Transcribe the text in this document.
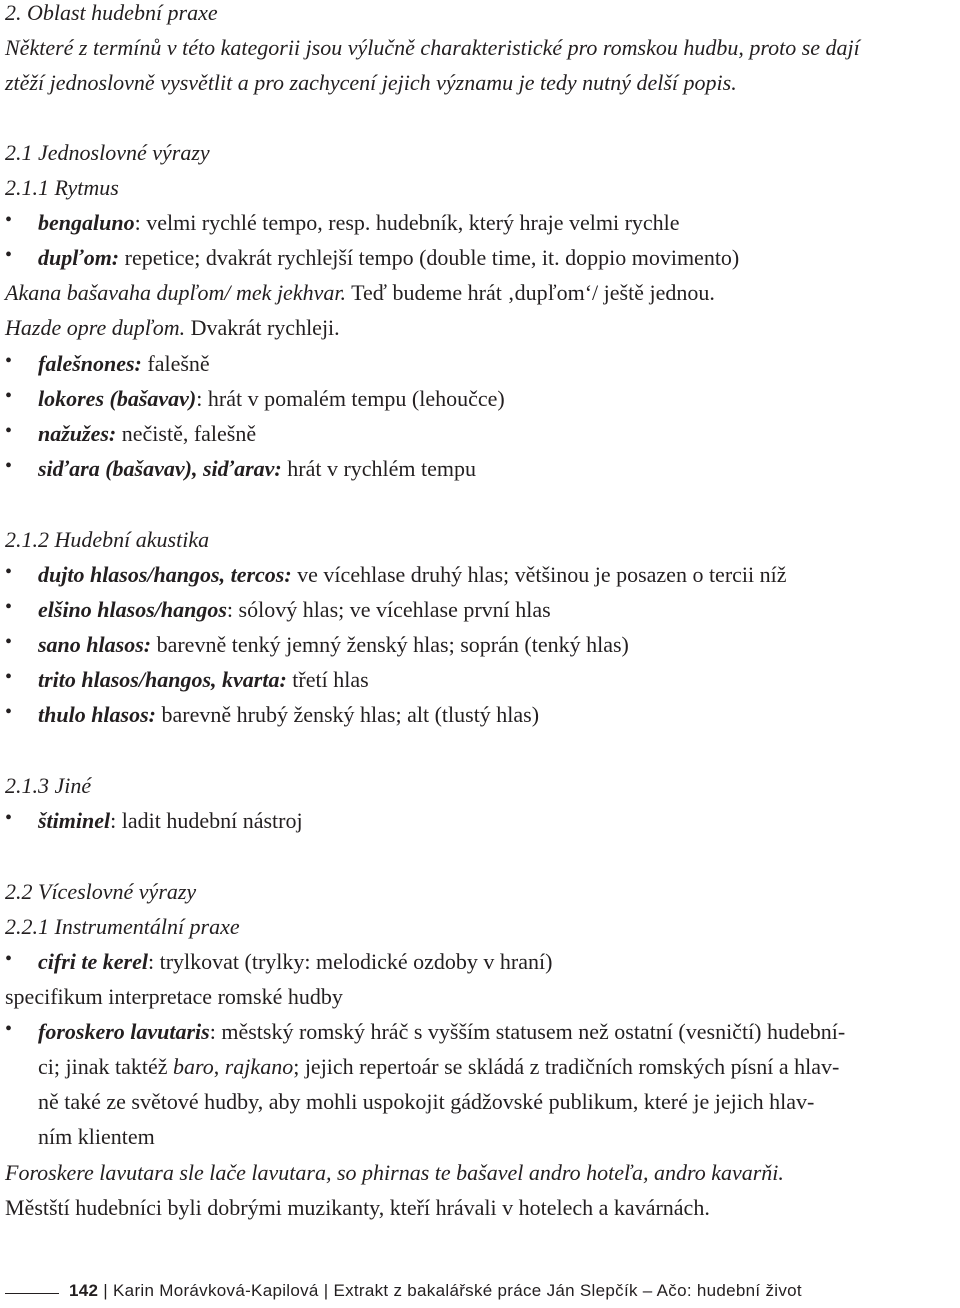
2. Oblast hudební praxe
Některé z termínů v této kategorii jsou výlučně charakteristické pro romskou hudbu, proto se dají
ztěží jednoslovně vysvětlit a pro zachycení jejich významu je tedy nutný delší popis.
2.1 Jednoslovné výrazy
2.1.1 Rytmus
• bengaluno: velmi rychlé tempo, resp. hudebník, který hraje velmi rychle
• dupľom: repetice; dvakrát rychlejší tempo (double time, it. doppio movimento)
Akana bašavaha dupľom/ mek jekhvar. Teď budeme hrát ‚dupľom‘/ ještě jednou.
Hazde opre dupľom. Dvakrát rychleji.
• falešnones: falešně
• lokores (bašavav): hrát v pomalém tempu (lehoučce)
• nažužes: nečistě, falešně
• siďara (bašavav), siďarav: hrát v rychlém tempu
2.1.2 Hudební akustika
• dujto hlasos/hangos, tercos: ve vícehlase druhý hlas; většinou je posazen o tercii níž
• elšino hlasos/hangos: sólový hlas; ve vícehlase první hlas
• sano hlasos: barevně tenký jemný ženský hlas; soprán (tenký hlas)
• trito hlasos/hangos, kvarta: třetí hlas
• thulo hlasos: barevně hrubý ženský hlas; alt (tlustý hlas)
2.1.3 Jiné
• štiminel: ladit hudební nástroj
2.2 Víceslovné výrazy
2.2.1 Instrumentální praxe
• cifri te kerel: trylkovat (trylky: melodické ozdoby v hraní)
specifikum interpretace romské hudby
• foroskero lavutaris: městský romský hráč s vyšším statusem než ostatní (vesničtí) hudební-
ci; jinak taktéž baro, rajkano; jejich repertoár se skládá z tradičních romských písní a hlav-
ně také ze světové hudby, aby mohli uspokojit gádžovské publikum, které je jejich hlav-
ním klientem
Foroskere lavutara sle lače lavutara, so phirnas te bašavel andro hoteľa, andro kavarňi.
Městští hudebníci byli dobrými muzikanty, kteří hrávali v hotelech a kavárnách.
142 | Karin Morávková-Kapilová | Extrakt z bakalářské práce Ján Slepčík – Ačo: hudební život
